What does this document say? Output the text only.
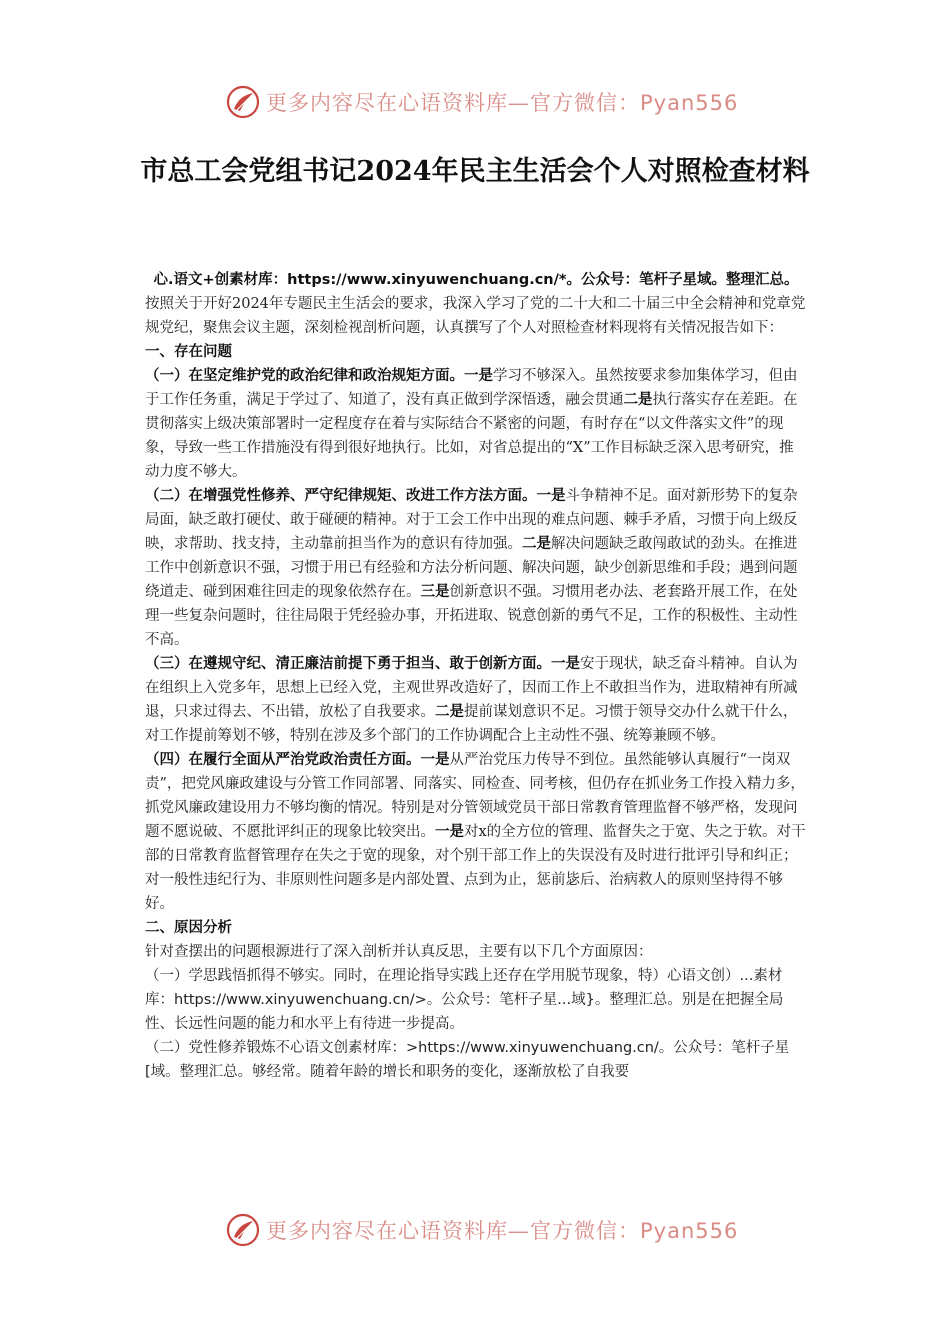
更多内容尽在心语资料库—官方微信：Pyan556
市总工会党组书记2024年民主生活会个人对照检查材料

心.语文+创素材库：https://www.xinyuwenchuang.cn/*。公众号：笔杆子星域。整理汇总。

按照关于开好2024年专题民主生活会的要求，我深入学习了党的二十大和二十届三中全会精神和党章党规党纪，聚焦会议主题，深刻检视剖析问题，认真撰写了个人对照检查材料现将有关情况报告如下：

一、存在问题

（一）在坚定维护党的政治纪律和政治规矩方面。一是学习不够深入。虽然按要求参加集体学习，但由于工作任务重，满足于学过了、知道了，没有真正做到学深悟透，融会贯通二是执行落实存在差距。在贯彻落实上级决策部署时一定程度存在着与实际结合不紧密的问题，有时存在“以文件落实文件”的现象，导致一些工作措施没有得到很好地执行。比如，对省总提出的“X”工作目标缺乏深入思考研究，推动力度不够大。

（二）在增强党性修养、严守纪律规矩、改进工作方法方面。一是斗争精神不足。面对新形势下的复杂局面，缺乏敢打硬仗、敢于碰硬的精神。对于工会工作中出现的难点问题、棘手矛盾，习惯于向上级反映，求帮助、找支持，主动靠前担当作为的意识有待加强。二是解决问题缺乏敢闯敢试的劲头。在推进工作中创新意识不强，习惯于用已有经验和方法分析问题、解决问题，缺少创新思维和手段；遇到问题绕道走、碰到困难往回走的现象依然存在。三是创新意识不强。习惯用老办法、老套路开展工作，在处理一些复杂问题时，往往局限于凭经验办事，开拓进取、锐意创新的勇气不足，工作的积极性、主动性不高。

（三）在遵规守纪、清正廉洁前提下勇于担当、敢于创新方面。一是安于现状，缺乏奋斗精神。自认为在组织上入党多年，思想上已经入党，主观世界改造好了，因而工作上不敢担当作为，进取精神有所减退，只求过得去、不出错，放松了自我要求。二是提前谋划意识不足。习惯于领导交办什么就干什么，对工作提前筹划不够，特别在涉及多个部门的工作协调配合上主动性不强、统筹兼顾不够。

（四）在履行全面从严治党政治责任方面。一是从严治党压力传导不到位。虽然能够认真履行“一岗双责”，把党风廉政建设与分管工作同部署、同落实、同检查、同考核，但仍存在抓业务工作投入精力多，抓党风廉政建设用力不够均衡的情况。特别是对分管领域党员干部日常教育管理监督不够严格，发现问题不愿说破、不愿批评纠正的现象比较突出。一是对x的全方位的管理、监督失之于宽、失之于软。对干部的日常教育监督管理存在失之于宽的现象，对个别干部工作上的失误没有及时进行批评引导和纠正；对一般性违纪行为、非原则性问题多是内部处置、点到为止，惩前毖后、治病救人的原则坚持得不够好。

二、原因分析

针对查摆出的问题根源进行了深入剖析并认真反思，主要有以下几个方面原因：

（一）学思践悟抓得不够实。同时，在理论指导实践上还存在学用脱节现象，特）心语文创）...素材库：https://www.xinyuwenchuang.cn/>。公众号：笔杆子星...域}。整理汇总。别是在把握全局性、长远性问题的能力和水平上有待进一步提高。

（二）党性修养锻炼不心语文创素材库：>https://www.xinyuwenchuang.cn/。公众号：笔杆子星[域。整理汇总。够经常。随着年龄的增长和职务的变化，逐渐放松了自我要

更多内容尽在心语资料库—官方微信：Pyan556
